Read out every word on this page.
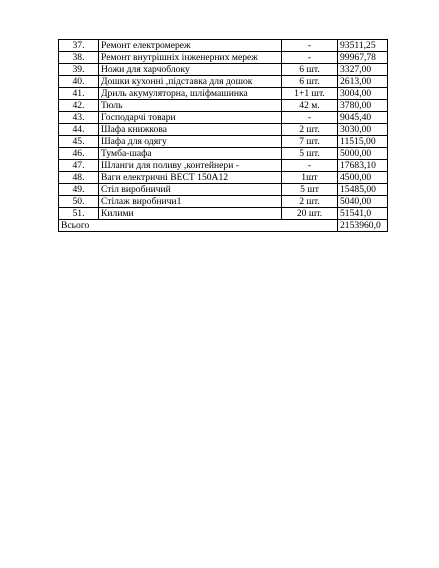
37.	Ремонт електромереж	-	93511,25
38.	Ремонт внутрішніх інженерних мереж	-	99967,78
39.	Ножи для харчоблоку	6 шт.	3327,00
40.	Дошки кухонні ,підставка для дошок	6 шт.	2613,00
41.	Дриль акумуляторна, шліфмашинка	1+1 шт.	3004,00
42.	Тюль	42 м.	3780,00
43.	Господарчі товари	-	9045,40
44.	Шафа книжкова	2 шт.	3030,00
45.	Шафа для одягу	7 шт.	11515,00
46.	Тумба-шафа	5 шт.	5000,00
47.	Шланги для поливу ,контейнери -	-	17683,10
48.	Ваги електричні ВЕСТ 150А12	1шт	4500,00
49.	Стіл виробничий	5 шт	15485,00
50.	Стілаж виробничи1	2 шт.	5040,00
51.	Килими	20 шт.	51541,0
Всього			2153960,0
